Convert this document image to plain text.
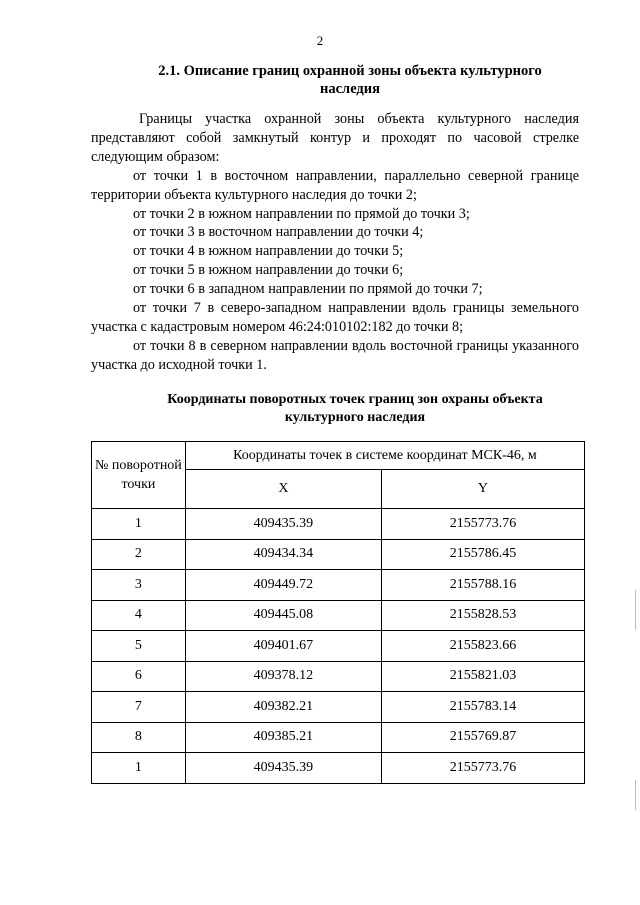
2
2.1. Описание границ охранной зоны объекта культурного
наследия

Границы участка охранной зоны объекта культурного наследия представляют собой замкнутый контур и проходят по часовой стрелке следующим образом:

от точки 1 в восточном направлении, параллельно северной границе территории объекта культурного наследия до точки 2;

от точки 2 в южном направлении по прямой до точки 3;

от точки 3 в восточном направлении до точки 4;

от точки 4 в южном направлении до точки 5;

от точки 5 в южном направлении до точки 6;

от точки 6 в западном направлении по прямой до точки 7;

от точки 7 в северо-западном направлении вдоль границы земельного участка с кадастровым номером 46:24:010102:182 до точки 8;

от точки 8 в северном направлении вдоль восточной границы указанного участка до исходной точки 1.

Координаты поворотных точек границ зон охраны объекта
культурного наследия
№ поворотной точки	Координаты точек в системе координат МСК-46, м	
	X	Y
1	409435.39	2155773.76
2	409434.34	2155786.45
3	409449.72	2155788.16
4	409445.08	2155828.53
5	409401.67	2155823.66
6	409378.12	2155821.03
7	409382.21	2155783.14
8	409385.21	2155769.87
1	409435.39	2155773.76
